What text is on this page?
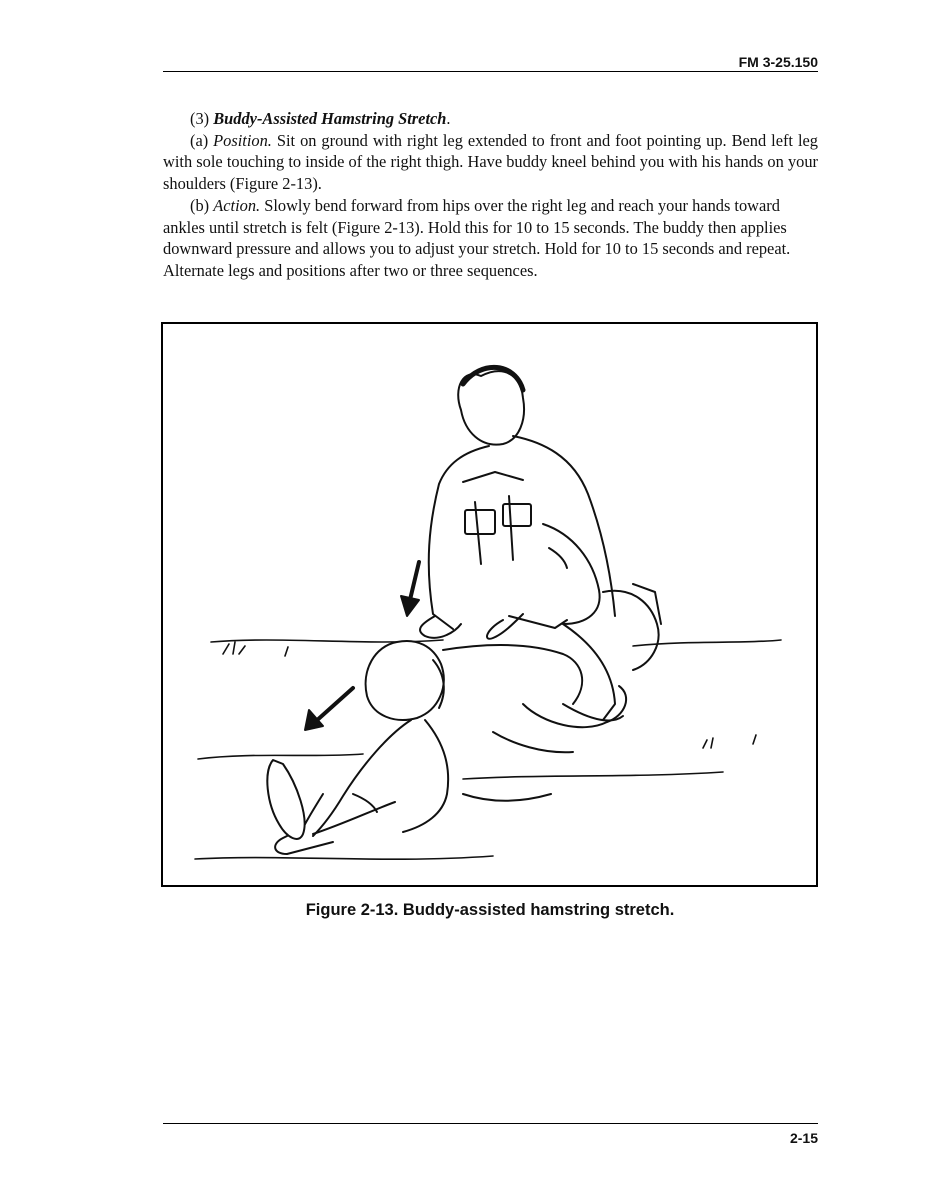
FM 3-25.150

(3) Buddy-Assisted Hamstring Stretch.

(a) Position. Sit on ground with right leg extended to front and foot pointing up. Bend left leg with sole touching to inside of the right thigh. Have buddy kneel behind you with his hands on your shoulders (Figure 2-13).

(b) Action. Slowly bend forward from hips over the right leg and reach your hands toward ankles until stretch is felt (Figure 2-13). Hold this for 10 to 15 seconds. The buddy then applies downward pressure and allows you to adjust your stretch. Hold for 10 to 15 seconds and repeat. Alternate legs and positions after two or three sequences.

Figure 2-13. Buddy-assisted hamstring stretch.
2-15
